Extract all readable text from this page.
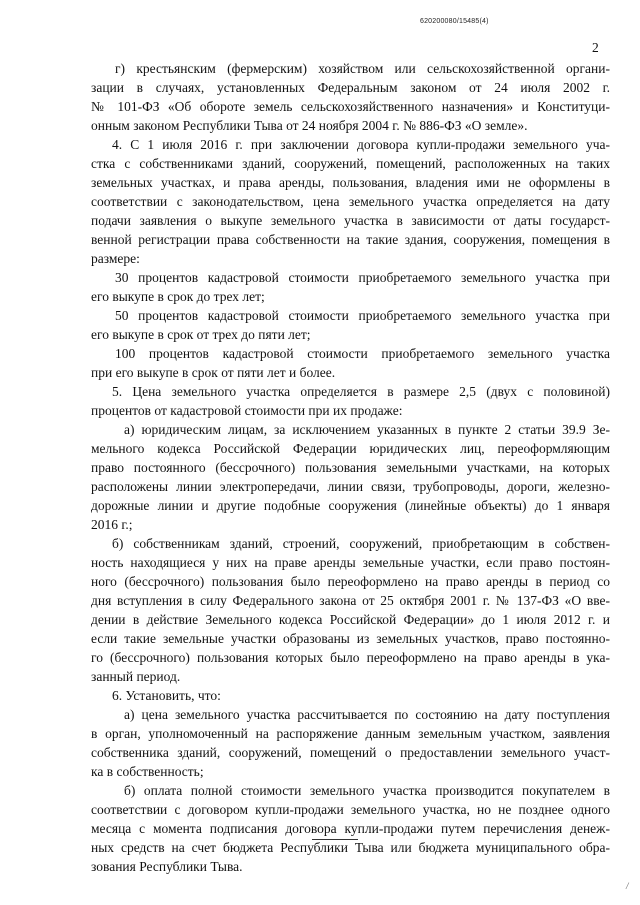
620200080/15485(4)
2
г) крестьянским (фермерским) хозяйством или сельскохозяйственной органи-
зации в случаях, установленных Федеральным законом от 24 июля 2002 г.
№ 101-ФЗ «Об обороте земель сельскохозяйственного назначения» и Конституци-
онным законом Республики Тыва от 24 ноября 2004 г. № 886-ФЗ «О земле».
4. С 1 июля 2016 г. при заключении договора купли-продажи земельного уча-
стка с собственниками зданий, сооружений, помещений, расположенных на таких
земельных участках, и права аренды, пользования, владения ими не оформлены в
соответствии с законодательством, цена земельного участка определяется на дату
подачи заявления о выкупе земельного участка в зависимости от даты государст-
венной регистрации права собственности на такие здания, сооружения, помещения в
размере:
30 процентов кадастровой стоимости приобретаемого земельного участка при
его выкупе в срок до трех лет;
50 процентов кадастровой стоимости приобретаемого земельного участка при
его выкупе в срок от трех до пяти лет;
100 процентов кадастровой стоимости приобретаемого земельного участка
при его выкупе в срок от пяти лет и более.
5. Цена земельного участка определяется в размере 2,5 (двух с половиной)
процентов от кадастровой стоимости при их продаже:
а) юридическим лицам, за исключением указанных в пункте 2 статьи 39.9 Зе-
мельного кодекса Российской Федерации юридических лиц, переоформляющим
право постоянного (бессрочного) пользования земельными участками, на которых
расположены линии электропередачи, линии связи, трубопроводы, дороги, железно-
дорожные линии и другие подобные сооружения (линейные объекты) до 1 января
2016 г.;
б) собственникам зданий, строений, сооружений, приобретающим в собствен-
ность находящиеся у них на праве аренды земельные участки, если право постоян-
ного (бессрочного) пользования было переоформлено на право аренды в период со
дня вступления в силу Федерального закона от 25 октября 2001 г. № 137-ФЗ «О вве-
дении в действие Земельного кодекса Российской Федерации» до 1 июля 2012 г. и
если такие земельные участки образованы из земельных участков, право постоянно-
го (бессрочного) пользования которых было переоформлено на право аренды в ука-
занный период.
6. Установить, что:
а) цена земельного участка рассчитывается по состоянию на дату поступления
в орган, уполномоченный на распоряжение данным земельным участком, заявления
собственника зданий, сооружений, помещений о предоставлении земельного участ-
ка в собственность;
б) оплата полной стоимости земельного участка производится покупателем в
соответствии с договором купли-продажи земельного участка, но не позднее одного
месяца с момента подписания договора купли-продажи путем перечисления денеж-
ных средств на счет бюджета Республики Тыва или бюджета муниципального обра-
зования Республики Тыва.
/
